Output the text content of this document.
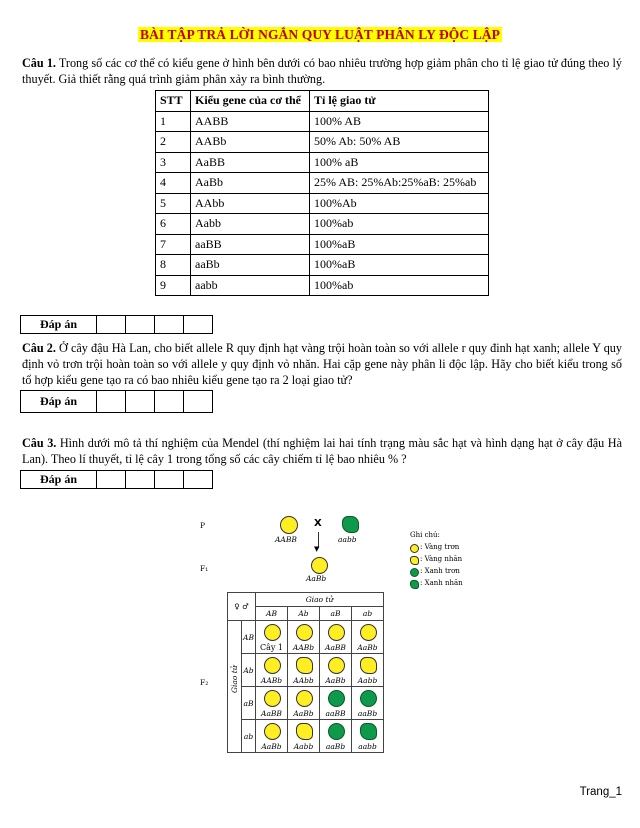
BÀI TẬP TRẢ LỜI NGẮN QUY LUẬT PHÂN LY ĐỘC LẬP
Câu 1. Trong số các cơ thể có kiểu gene ở hình bên dưới có bao nhiêu trường hợp giảm phân cho tỉ lệ giao tử đúng theo lý thuyết. Giả thiết rằng quá trình giảm phân xảy ra bình thường.
STT	Kiểu gene của cơ thể	Tỉ lệ giao tử
1	AABB	100% AB
2	AABb	50% Ab: 50% AB
3	AaBB	100% aB
4	AaBb	25% AB: 25%Ab:25%aB: 25%ab
5	AAbb	100%Ab
6	Aabb	100%ab
7	aaBB	100%aB
8	aaBb	100%aB
9	aabb	100%ab
Đáp án				
Câu 2. Ở cây đậu Hà Lan, cho biết allele R quy định hạt vàng trội hoàn toàn so với allele r quy đinh hạt xanh; allele Y quy định vỏ trơn trội hoàn toàn so với allele y quy định vỏ nhăn. Hai cặp gene này phân li độc lập. Hãy cho biết kiểu trong số tổ hợp kiểu gene tạo ra có bao nhiêu kiểu gene tạo ra 2 loại giao tử?
Đáp án				
Câu 3. Hình dưới mô tả thí nghiệm của Mendel (thí nghiệm lai hai tính trạng màu sắc hạt và hình dạng hạt ở cây đậu Hà Lan). Theo lí thuyết, tỉ lệ cây 1 trong tổng số các cây chiếm tỉ lệ bao nhiêu % ?
Đáp án				
P
F₁
F₂
AABB
X
aabb
▼
AaBb
Ghi chú:
: Vàng trơn
: Vàng nhăn
: Xanh trơn
: Xanh nhăn
♀ ♂		Giao tử			
		AB	Ab	aB	ab

Giao tử	AB	Cây 1	AABb	AaBB	AaBb

	Ab	AABb	AAbb	AaBb	Aabb

	aB	AaBB	AaBb	aaBB	aaBb

	ab	AaBb	Aabb	aaBb	aabb
Trang_1
